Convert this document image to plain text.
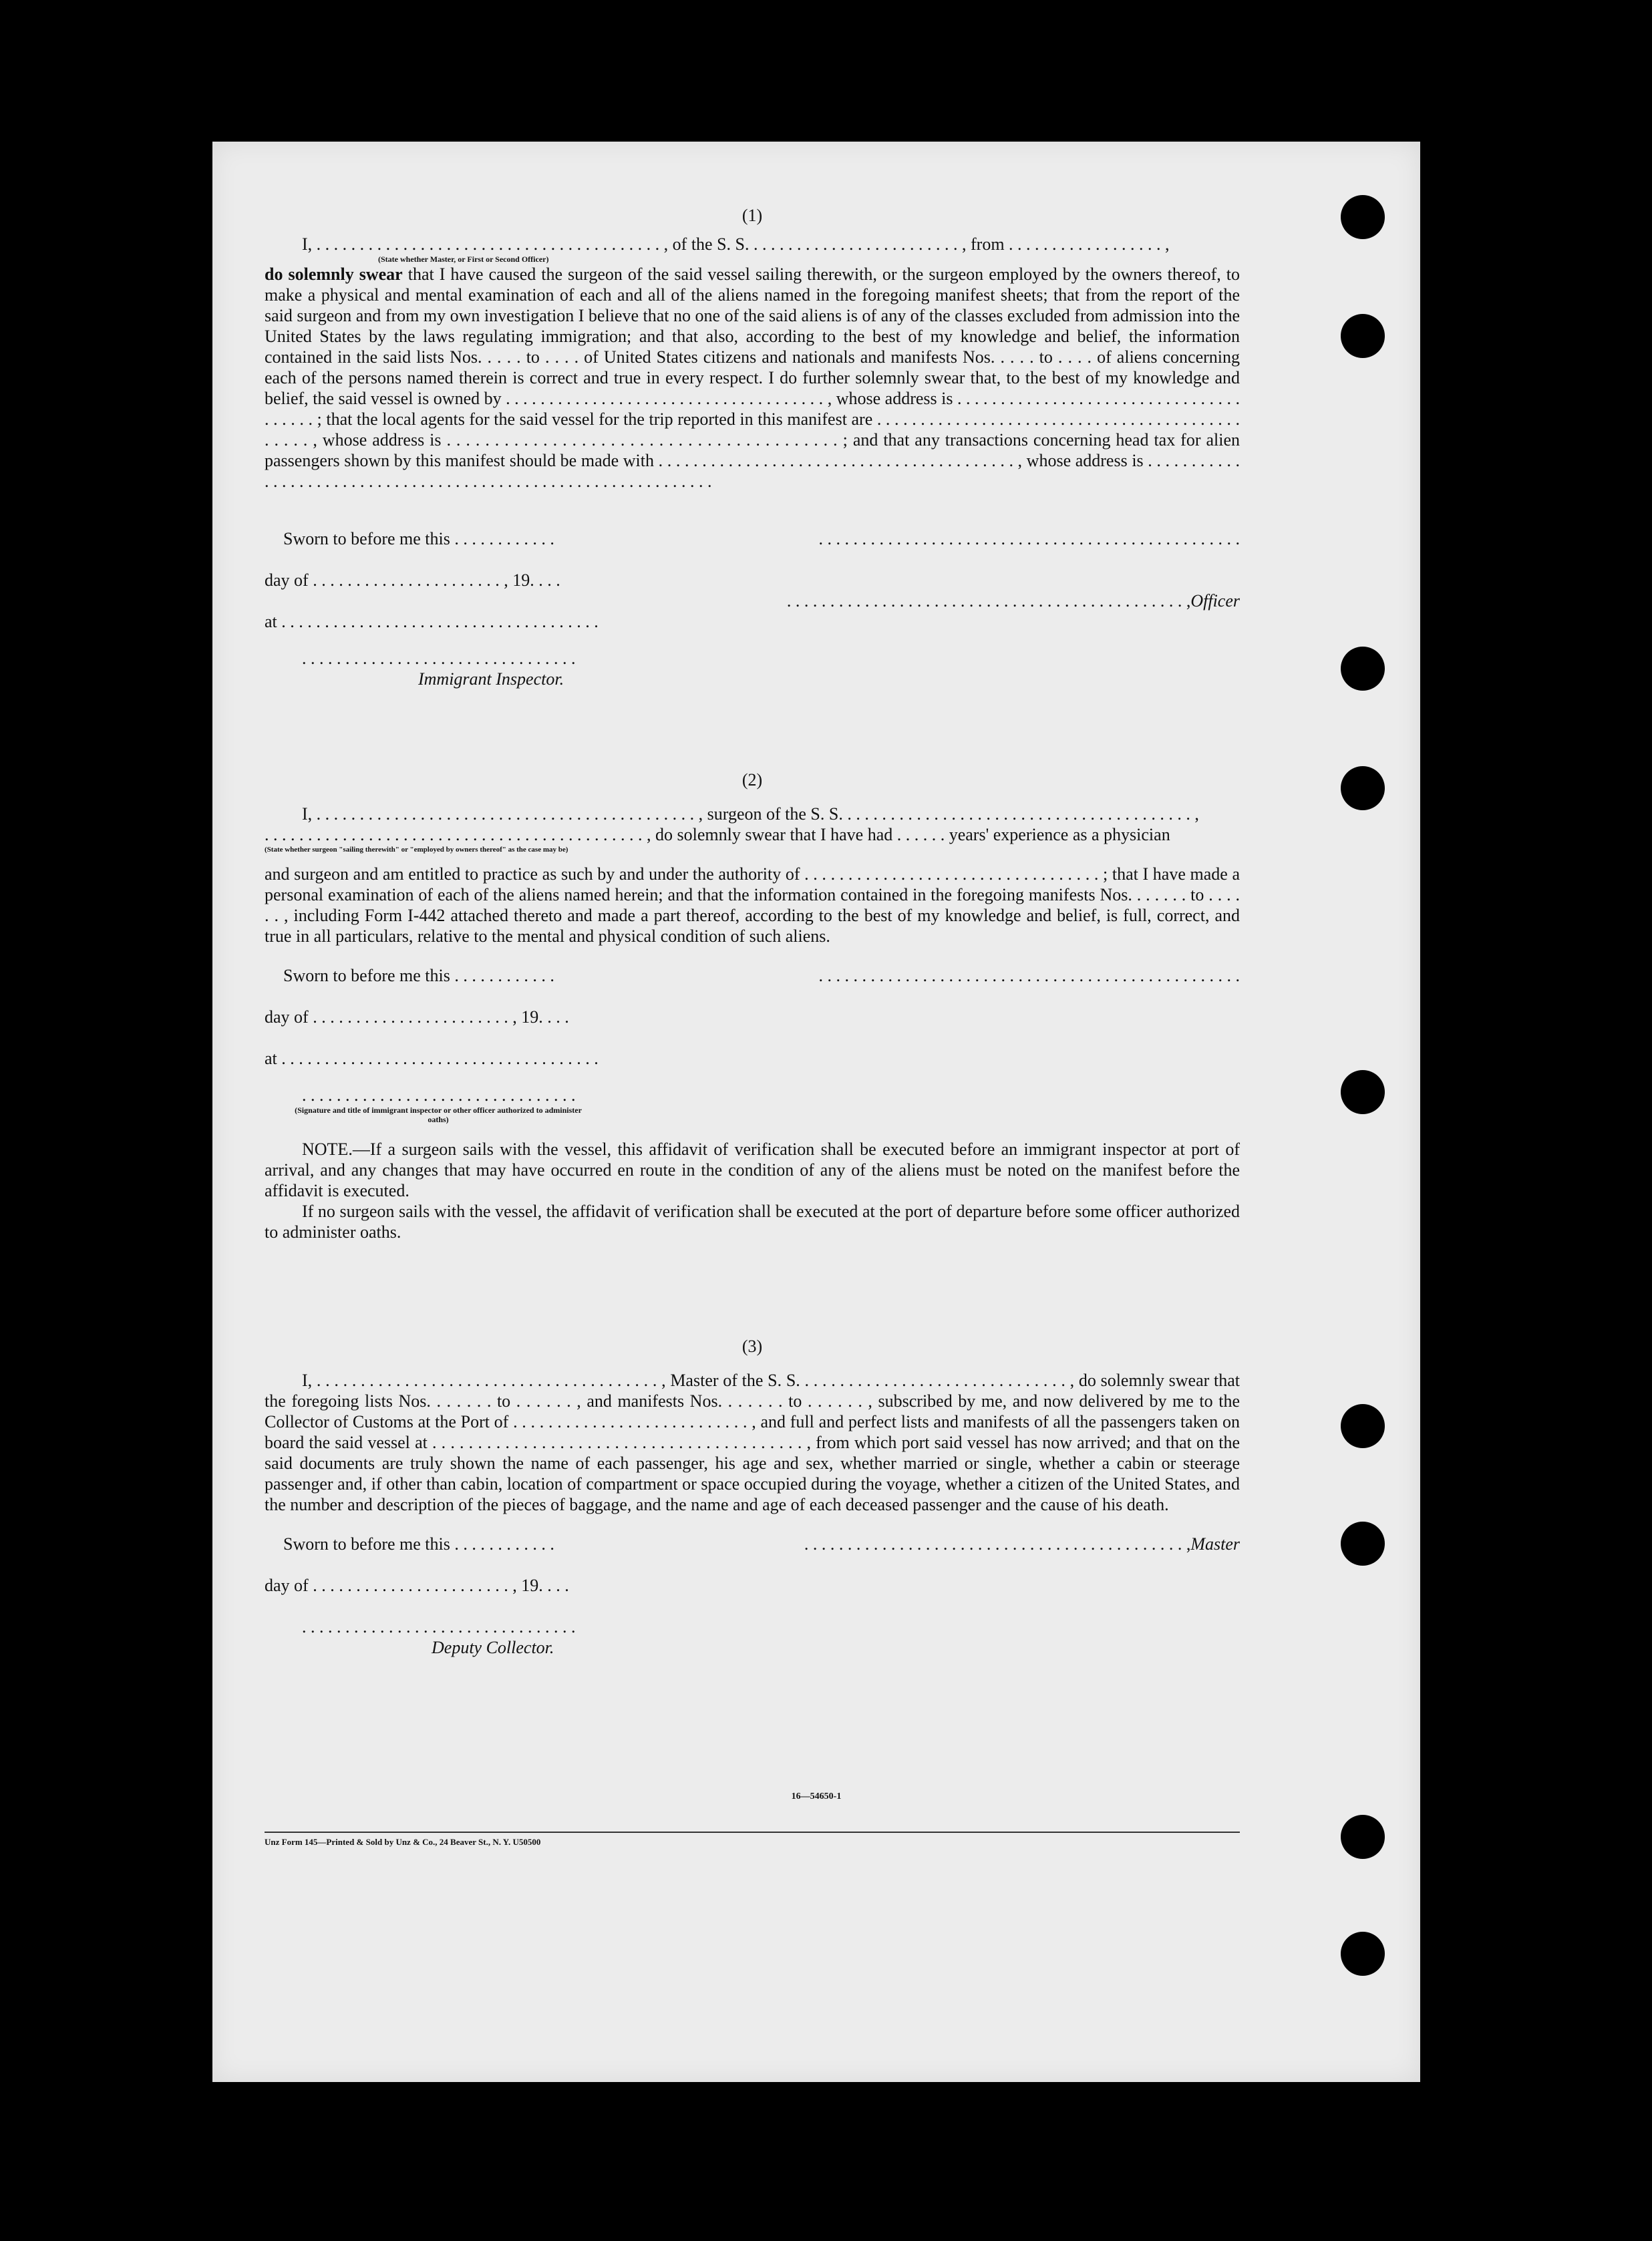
(1)

I, . . . . . . . . . . . . . . . . . . . . . . . . . . . . . . . . . . . . . . . . , of the S. S. . . . . . . . . . . . . . . . . . . . . . . . . , from . . . . . . . . . . . . . . . . . . ,

(State whether Master, or First or Second Officer)

do solemnly swear that I have caused the surgeon of the said vessel sailing therewith, or the surgeon employed by the owners thereof, to make a physical and mental examination of each and all of the aliens named in the foregoing manifest sheets; that from the report of the said surgeon and from my own investigation I believe that no one of the said aliens is of any of the classes excluded from admission into the United States by the laws regulating immigration; and that also, according to the best of my knowledge and belief, the information contained in the said lists Nos. . . . . to . . . . of United States citizens and nationals and manifests Nos. . . . . to . . . . of aliens concerning each of the persons named therein is correct and true in every respect. I do further solemnly swear that, to the best of my knowledge and belief, the said vessel is owned by . . . . . . . . . . . . . . . . . . . . . . . . . . . . . . . . . . . . . , whose address is . . . . . . . . . . . . . . . . . . . . . . . . . . . . . . . . . . . . . . . ; that the local agents for the said vessel for the trip reported in this manifest are . . . . . . . . . . . . . . . . . . . . . . . . . . . . . . . . . . . . . . . . . . . . . . . , whose address is . . . . . . . . . . . . . . . . . . . . . . . . . . . . . . . . . . . . . . . . . ; and that any transactions concerning head tax for alien passengers shown by this manifest should be made with . . . . . . . . . . . . . . . . . . . . . . . . . . . . . . . . . . . . . . . . . , whose address is . . . . . . . . . . . . . . . . . . . . . . . . . . . . . . . . . . . . . . . . . . . . . . . . . . . . . . . . . . . . . . .

Sworn to before me this . . . . . . . . . . . .	. . . . . . . . . . . . . . . . . . . . . . . . . . . . . . . . . . . . . . . . . . . . . . . . .
day of . . . . . . . . . . . . . . . . . . . . . . , 19. . . .
. . . . . . . . . . . . . . . . . . . . . . . . . . . . . . . . . . . . . . . . . . . . . . ,Officer
at . . . . . . . . . . . . . . . . . . . . . . . . . . . . . . . . . . . . .
. . . . . . . . . . . . . . . . . . . . . . . . . . . . . . . .
Immigrant Inspector.

(2)

I, . . . . . . . . . . . . . . . . . . . . . . . . . . . . . . . . . . . . . . . . . . . . , surgeon of the S. S. . . . . . . . . . . . . . . . . . . . . . . . . . . . . . . . . . . . . . . . . ,

. . . . . . . . . . . . . . . . . . . . . . . . . . . . . . . . . . . . . . . . . . . . , do solemnly swear that I have had . . . . . . years' experience as a physician

(State whether surgeon "sailing therewith" or "employed by owners thereof" as the case may be)

and surgeon and am entitled to practice as such by and under the authority of . . . . . . . . . . . . . . . . . . . . . . . . . . . . . . . . . . ; that I have made a personal examination of each of the aliens named herein; and that the information contained in the foregoing manifests Nos. . . . . . . to . . . . . . , including Form I-442 attached thereto and made a part thereof, according to the best of my knowledge and belief, is full, correct, and true in all particulars, relative to the mental and physical condition of such aliens.

Sworn to before me this . . . . . . . . . . . .	. . . . . . . . . . . . . . . . . . . . . . . . . . . . . . . . . . . . . . . . . . . . . . . . .
day of . . . . . . . . . . . . . . . . . . . . . . . , 19. . . .
at . . . . . . . . . . . . . . . . . . . . . . . . . . . . . . . . . . . . .
. . . . . . . . . . . . . . . . . . . . . . . . . . . . . . . .

(Signature and title of immigrant inspector or other officer authorized to administer oaths)

NOTE.—If a surgeon sails with the vessel, this affidavit of verification shall be executed before an immigrant inspector at port of arrival, and any changes that may have occurred en route in the condition of any of the aliens must be noted on the manifest before the affidavit is executed.

If no surgeon sails with the vessel, the affidavit of verification shall be executed at the port of departure before some officer authorized to administer oaths.

(3)

I, . . . . . . . . . . . . . . . . . . . . . . . . . . . . . . . . . . . . . . . , Master of the S. S. . . . . . . . . . . . . . . . . . . . . . . . . . . . . . . , do solemnly swear that the foregoing lists Nos. . . . . . . to . . . . . . , and manifests Nos. . . . . . . to . . . . . . , subscribed by me, and now delivered by me to the Collector of Customs at the Port of . . . . . . . . . . . . . . . . . . . . . . . . . . . , and full and perfect lists and manifests of all the passengers taken on board the said vessel at . . . . . . . . . . . . . . . . . . . . . . . . . . . . . . . . . . . . . . . . . , from which port said vessel has now arrived; and that on the said documents are truly shown the name of each passenger, his age and sex, whether married or single, whether a cabin or steerage passenger and, if other than cabin, location of compartment or space occupied during the voyage, whether a citizen of the United States, and the number and description of the pieces of baggage, and the name and age of each deceased passenger and the cause of his death.

Sworn to before me this . . . . . . . . . . . .	. . . . . . . . . . . . . . . . . . . . . . . . . . . . . . . . . . . . . . . . . . . . ,Master
day of . . . . . . . . . . . . . . . . . . . . . . . , 19. . . .
. . . . . . . . . . . . . . . . . . . . . . . . . . . . . . . .
Deputy Collector.
16—54650-1
Unz Form 145—Printed & Sold by Unz & Co., 24 Beaver St., N. Y. U50500
